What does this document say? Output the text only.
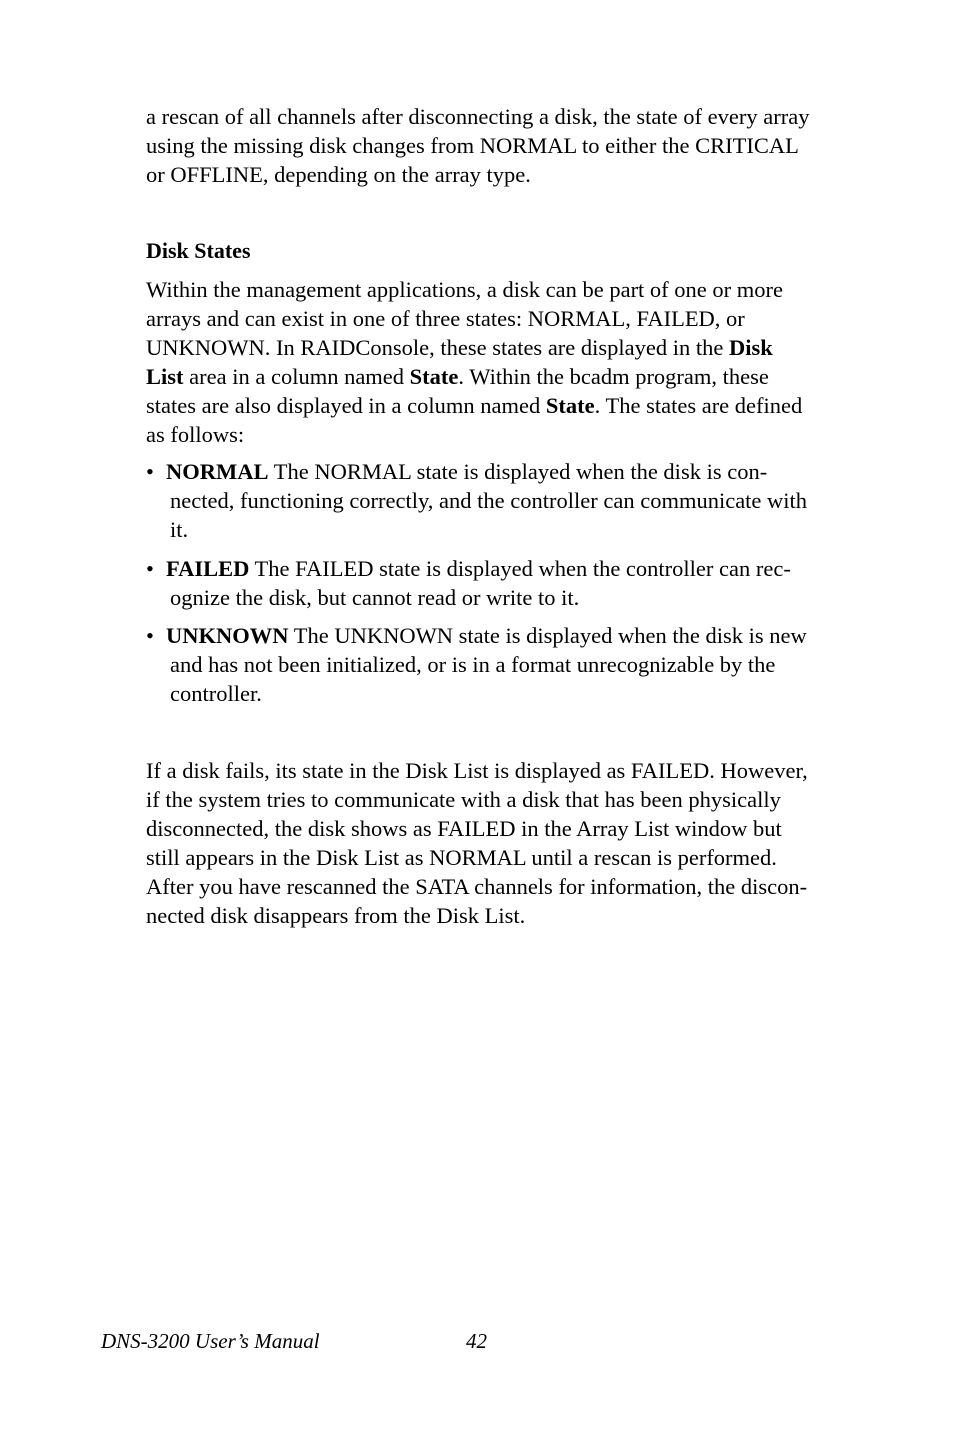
a rescan of all channels after disconnecting a disk, the state of every array
using the missing disk changes from NORMAL to either the CRITICAL
or OFFLINE, depending on the array type.
Disk States
Within the management applications, a disk can be part of one or more
arrays and can exist in one of three states: NORMAL, FAILED, or
UNKNOWN. In RAIDConsole, these states are displayed in the Disk
List area in a column named State. Within the bcadm program, these
states are also displayed in a column named State. The states are defined
as follows:
• NORMAL The NORMAL state is displayed when the disk is con-
nected, functioning correctly, and the controller can communicate with
it.
• FAILED The FAILED state is displayed when the controller can rec-
ognize the disk, but cannot read or write to it.
• UNKNOWN The UNKNOWN state is displayed when the disk is new
and has not been initialized, or is in a format unrecognizable by the
controller.
If a disk fails, its state in the Disk List is displayed as FAILED. However,
if the system tries to communicate with a disk that has been physically
disconnected, the disk shows as FAILED in the Array List window but
still appears in the Disk List as NORMAL until a rescan is performed.
After you have rescanned the SATA channels for information, the discon-
nected disk disappears from the Disk List.
DNS-3200 User’s Manual	42
